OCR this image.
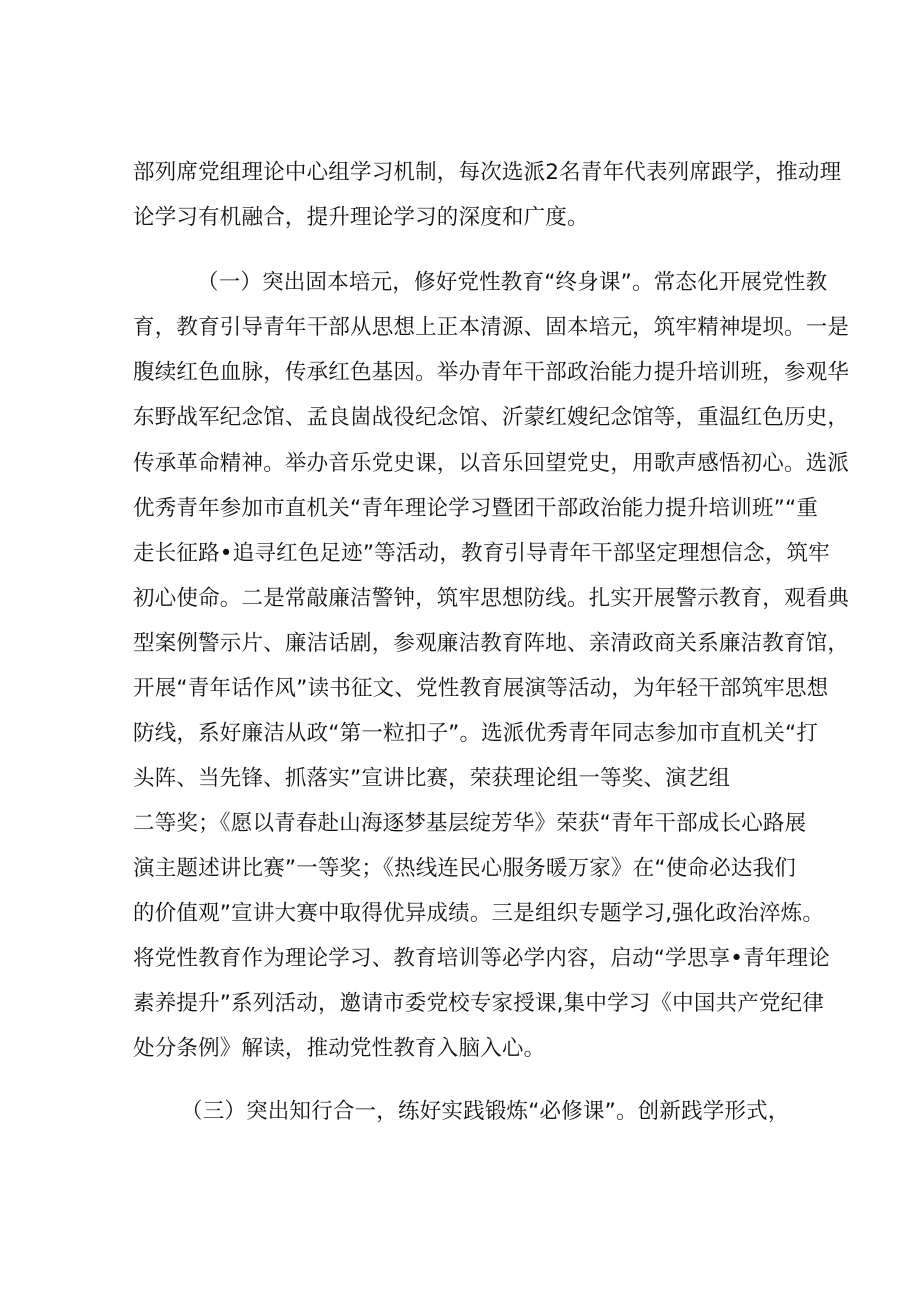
部列席党组理论中心组学习机制，每次选派2名青年代表列席跟学，推动理
论学习有机融合，提升理论学习的深度和广度。
（一）突出固本培元，修好党性教育“终身课”。常态化开展党性教
育，教育引导青年干部从思想上正本清源、固本培元，筑牢精神堤坝。一是
腹续红色血脉，传承红色基因。举办青年干部政治能力提升培训班，参观华
东野战军纪念馆、孟良崮战役纪念馆、沂蒙红嫂纪念馆等，重温红色历史，
传承革命精神。举办音乐党史课，以音乐回望党史，用歌声感悟初心。选派
优秀青年参加市直机关“青年理论学习暨团干部政治能力提升培训班”“重
走长征路•追寻红色足迹”等活动，教育引导青年干部坚定理想信念，筑牢
初心使命。二是常敲廉洁警钟，筑牢思想防线。扎实开展警示教育，观看典
型案例警示片、廉洁话剧，参观廉洁教育阵地、亲清政商关系廉洁教育馆，
开展“青年话作风”读书征文、党性教育展演等活动，为年轻干部筑牢思想
防线，系好廉洁从政“第一粒扣子”。选派优秀青年同志参加市直机关“打
头阵、当先锋、抓落实”宣讲比赛，荣获理论组一等奖、演艺组
二等奖；《愿以青春赴山海逐梦基层绽芳华》荣获“青年干部成长心路展
演主题述讲比赛”一等奖；《热线连民心服务暖万家》在“使命必达我们
的价值观”宣讲大赛中取得优异成绩。三是组织专题学习,强化政治淬炼。
将党性教育作为理论学习、教育培训等必学内容，启动“学思享•青年理论
素养提升”系列活动，邀请市委党校专家授课,集中学习《中国共产党纪律
处分条例》解读，推动党性教育入脑入心。
（三）突出知行合一，练好实践锻炼“必修课”。创新践学形式，
